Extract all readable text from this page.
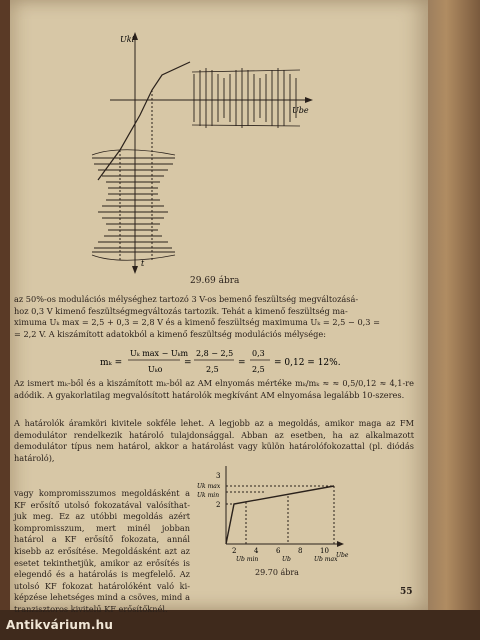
Uki
Ube
t
29.69 ábra
az 50%-os modulációs mélységhez tartozó 3 V-os bemenő feszültség megváltozásá-
hoz 0,3 V kimenő feszültségmegváltozás tartozik. Tehát a kimenő feszültség ma-
ximuma Uₖ max = 2,5 + 0,3 = 2,8 V és a kimenő feszültség maximuma Uₖ = 2,5 − 0,3 =
= 2,2 V. A kiszámított adatokból a kimenő feszültség modulációs mélysége:
mₖ =
Uₖ max − Uₖm
Uₖo
=
2,8 − 2,5
2,5
=
0,3
2,5
= 0,12 = 12%.
Az ismert mₖ-ből és a kiszámított mₖ-ból az AM elnyomás mértéke mₖ/mₖ ≈ ≈ 0,5/0,12 ≈ 4,1-re adódik. A gyakorlatilag megvalósított határolók megkívánt AM elnyomása legalább 10-szeres.
A határolók áramköri kivitele sokféle lehet. A legjobb az a megoldás, amikor maga az FM demodulátor rendelkezik határoló tulajdonsággal. Abban az esetben, ha az alkalmazott demodulátor típus nem határol, akkor a határolást vagy külön határolófokozattal (pl. diódás határoló),
vagy kompromisszumos megoldásként a KF erősítő utolsó fokozatával valósíthat-juk meg. Ez az utóbbi megoldás azért kompromisszum, mert minél jobban határol a KF erősítő fokozata, annál kisebb az erősítése. Megoldásként azt az esetet tekinthetjük, amikor az erősítés is elegendő és a határolás is megfelelő. Az utolsó KF fokozat határolóként való ki-képzése lehetséges mind a csöves, mind a tranzisztoros kivitelű KF erősítőknél.
3
Uk max
Uk min
2
2	4	6	8	10
Ub min	Ub	Ub max
Ube
29.70 ábra
55
Antikvárium.hu
